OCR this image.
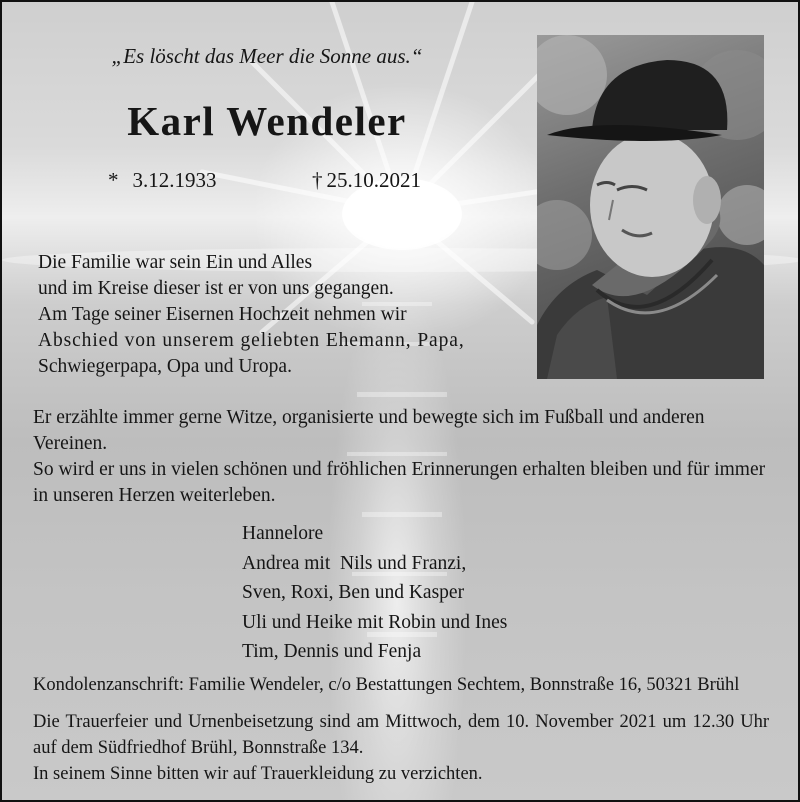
„Es löscht das Meer die Sonne aus.“
Karl Wendeler
* 3.12.1933	† 25.10.2021
Die Familie war sein Ein und Alles
und im Kreise dieser ist er von uns gegangen.
Am Tage seiner Eisernen Hochzeit nehmen wir
Abschied von unserem geliebten Ehemann, Papa,
Schwiegerpapa, Opa und Uropa.
Er erzählte immer gerne Witze, organisierte und bewegte sich im Fußball und anderen Vereinen.
So wird er uns in vielen schönen und fröhlichen Erinnerungen erhalten bleiben und für immer in unseren Herzen weiterleben.
Hannelore
Andrea mit  Nils und Franzi,
Sven, Roxi, Ben und Kasper
Uli und Heike mit Robin und Ines
Tim, Dennis und Fenja
Kondolenzanschrift: Familie Wendeler, c/o Bestattungen Sechtem, Bonnstraße 16, 50321 Brühl
Die Trauerfeier und Urnenbeisetzung sind am Mittwoch, dem 10. November 2021 um 12.30 Uhr auf dem Südfriedhof Brühl, Bonnstraße 134.
In seinem Sinne bitten wir auf Trauerkleidung zu verzichten.
